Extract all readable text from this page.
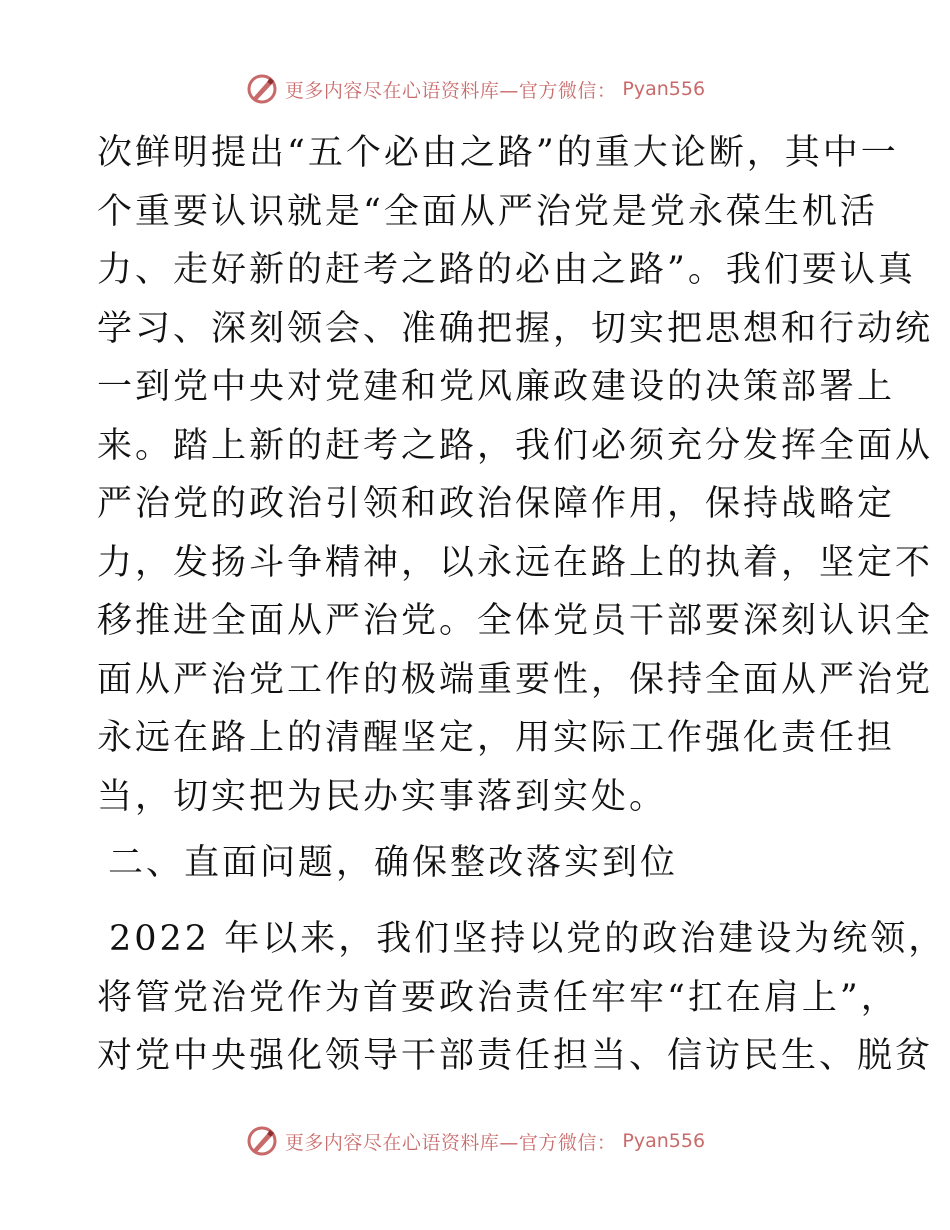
更多内容尽在心语资料库—官方微信： Pyan556
次鲜明提出“五个必由之路”的重大论断，其中一
个重要认识就是“全面从严治党是党永葆生机活
力、走好新的赶考之路的必由之路”。我们要认真
学习、深刻领会、准确把握，切实把思想和行动统
一到党中央对党建和党风廉政建设的决策部署上
来。踏上新的赶考之路，我们必须充分发挥全面从
严治党的政治引领和政治保障作用，保持战略定
力，发扬斗争精神，以永远在路上的执着，坚定不
移推进全面从严治党。全体党员干部要深刻认识全
面从严治党工作的极端重要性，保持全面从严治党
永远在路上的清醒坚定，用实际工作强化责任担
当，切实把为民办实事落到实处。
二、直面问题，确保整改落实到位
2022 年以来，我们坚持以党的政治建设为统领，
将管党治党作为首要政治责任牢牢“扛在肩上”，
对党中央强化领导干部责任担当、信访民生、脱贫
更多内容尽在心语资料库—官方微信： Pyan556
